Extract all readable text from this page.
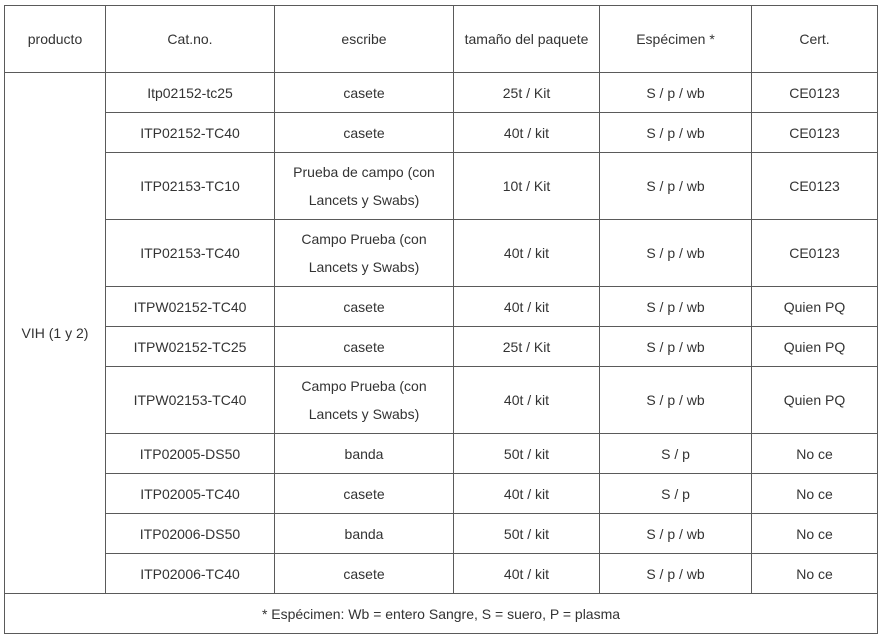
producto	Cat.no.	escribe	tamaño del paquete	Espécimen *	Cert.
VIH (1 y 2)	Itp02152-tc25	casete	25t / Kit	S / p / wb	CE0123
	ITP02152-TC40	casete	40t / kit	S / p / wb	CE0123
	ITP02153-TC10	Prueba de campo (con Lancets y Swabs)	10t / Kit	S / p / wb	CE0123
	ITP02153-TC40	Campo Prueba (con Lancets y Swabs)	40t / kit	S / p / wb	CE0123
	ITPW02152-TC40	casete	40t / kit	S / p / wb	Quien PQ
	ITPW02152-TC25	casete	25t / Kit	S / p / wb	Quien PQ
	ITPW02153-TC40	Campo Prueba (con Lancets y Swabs)	40t / kit	S / p / wb	Quien PQ
	ITP02005-DS50	banda	50t / kit	S / p	No ce
	ITP02005-TC40	casete	40t / kit	S / p	No ce
	ITP02006-DS50	banda	50t / kit	S / p / wb	No ce
	ITP02006-TC40	casete	40t / kit	S / p / wb	No ce
* Espécimen: Wb = entero Sangre, S = suero, P = plasma					
